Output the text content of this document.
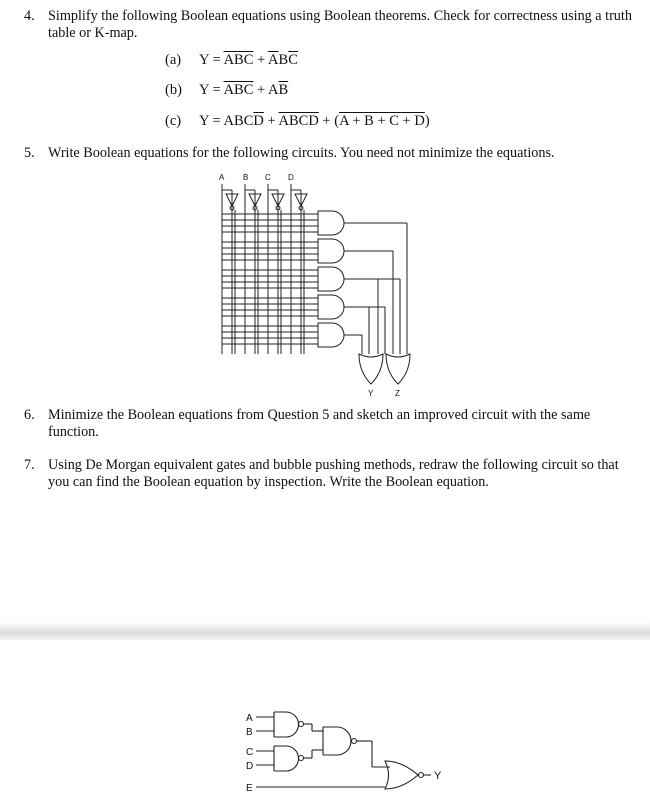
4. Simplify the following Boolean equations using Boolean theorems. Check for correctness using a truth table or K-map.
(a) $Y = \overline{ABC} + \overline{A}B\overline{C}$
(b) $Y = \overline{ABC} + A\overline{B}$
(c) $Y = ABC\overline{D}$ + ABCD + (A + B + C + D)
5. Write Boolean equations for the following circuits. You need not minimize the equations.
A B C D
Y	Z
6. Minimize the Boolean equations from Question 5 and sketch an improved circuit with the same function.
7. Using De Morgan equivalent gates and bubble pushing methods, redraw the following circuit so that you can find the Boolean equation by inspection. Write the Boolean equation.
A
B
C
D
E
Y
